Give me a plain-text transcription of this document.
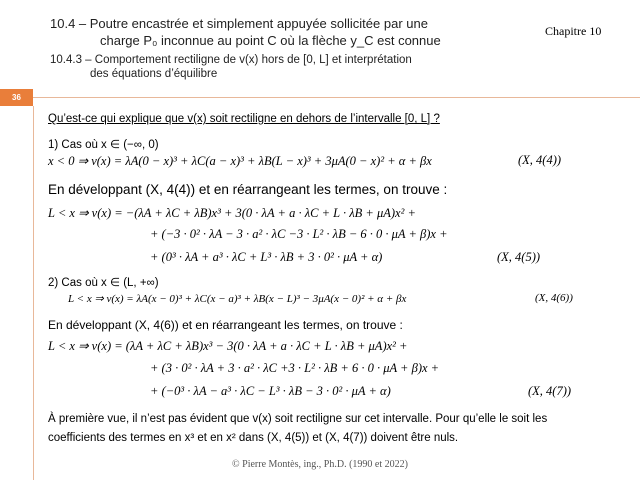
10.4 – Poutre encastrée et simplement appuyée sollicitée par une
charge P₀ inconnue au point C où la flèche y_C est connue
10.4.3 – Comportement rectiligne de v(x) hors de [0, L] et interprétation
des équations d’équilibre
Chapitre 10
36
Qu’est-ce qui explique que v(x) soit rectiligne en dehors de l’intervalle [0, L] ?
1) Cas où x ∈ (−∞, 0)
x < 0 ⇒ v(x) = λA(0 − x)³ + λC(a − x)³ + λB(L − x)³ + 3μA(0 − x)² + α + βx	(X, 4(4))
En développant (X, 4(4)) et en réarrangeant les termes, on trouve :
L < x ⇒ v(x) = −(λA + λC + λB)x³ + 3(0 · λA + a · λC + L · λB + μA)x² +
+ (−3 · 0² · λA − 3 · a² · λC −3 · L² · λB − 6 · 0 · μA + β)x +
+ (0³ · λA + a³ · λC + L³ · λB + 3 · 0² · μA + α)	(X, 4(5))
2) Cas où x ∈ (L, +∞)
L < x ⇒ v(x) = λA(x − 0)³ + λC(x − a)³ + λB(x − L)³ − 3μA(x − 0)² + α + βx	(X, 4(6))
En développant (X, 4(6)) et en réarrangeant les termes, on trouve :
L < x ⇒ v(x) = (λA + λC + λB)x³ − 3(0 · λA + a · λC + L · λB + μA)x² +
+ (3 · 0² · λA + 3 · a² · λC +3 · L² · λB + 6 · 0 · μA + β)x +
+ (−0³ · λA − a³ · λC − L³ · λB − 3 · 0² · μA + α)	(X, 4(7))
À première vue, il n’est pas évident que v(x) soit rectiligne sur cet intervalle. Pour qu’elle le soit les
coefficients des termes en x³ et en x² dans (X, 4(5)) et (X, 4(7)) doivent être nuls.
© Pierre Montès, ing., Ph.D. (1990 et 2022)
